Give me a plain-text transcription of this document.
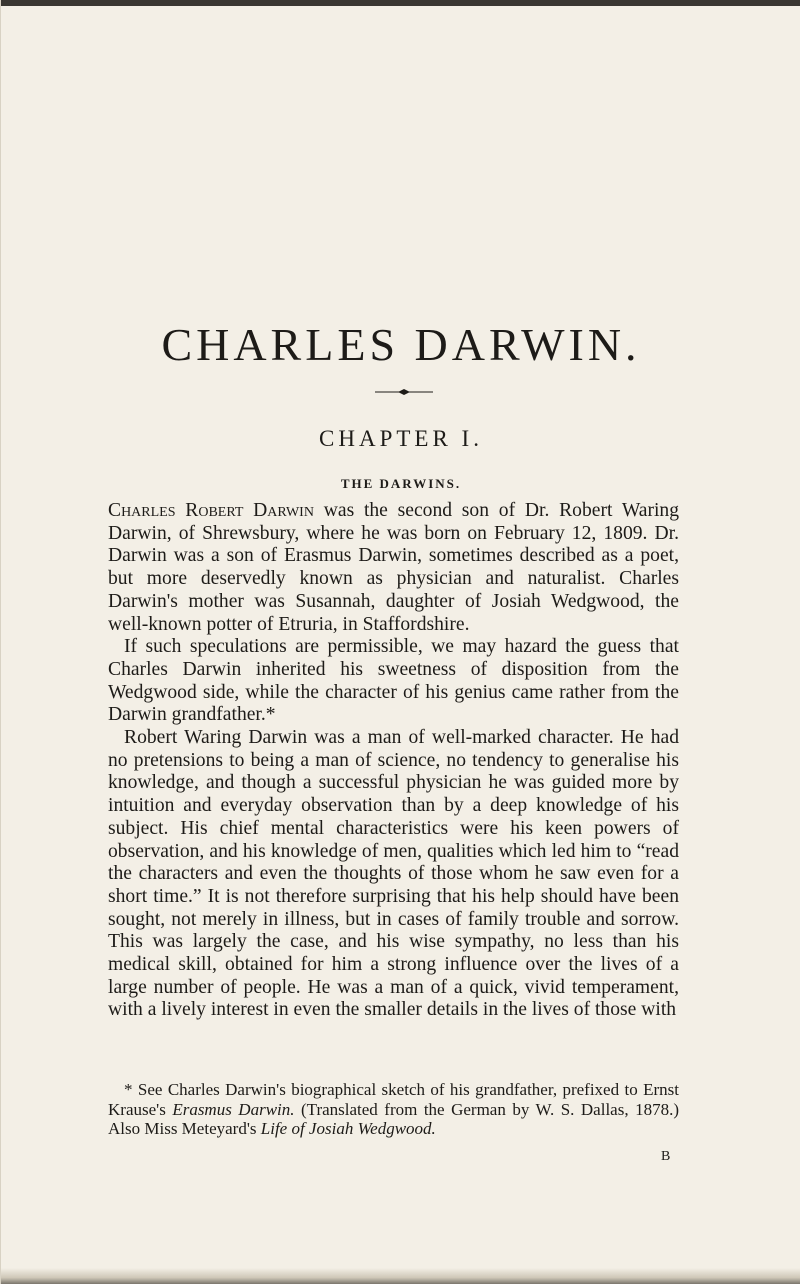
CHARLES DARWIN.
CHAPTER I.
THE DARWINS.

Charles Robert Darwin was the second son of Dr. Robert Waring Darwin, of Shrewsbury, where he was born on February 12, 1809. Dr. Darwin was a son of Erasmus Darwin, sometimes described as a poet, but more deservedly known as physician and naturalist. Charles Darwin's mother was Susannah, daughter of Josiah Wedgwood, the well-known potter of Etruria, in Staffordshire.

If such speculations are permissible, we may hazard the guess that Charles Darwin inherited his sweetness of disposition from the Wedgwood side, while the character of his genius came rather from the Darwin grandfather.*

Robert Waring Darwin was a man of well-marked character. He had no pretensions to being a man of science, no tendency to generalise his knowledge, and though a successful physician he was guided more by intuition and everyday observation than by a deep knowledge of his subject. His chief mental characteristics were his keen powers of observation, and his knowledge of men, qualities which led him to “read the characters and even the thoughts of those whom he saw even for a short time.” It is not therefore surprising that his help should have been sought, not merely in illness, but in cases of family trouble and sorrow. This was largely the case, and his wise sympathy, no less than his medical skill, obtained for him a strong influence over the lives of a large number of people. He was a man of a quick, vivid temperament, with a lively interest in even the smaller details in the lives of those with

* See Charles Darwin's biographical sketch of his grandfather, prefixed to Ernst Krause's Erasmus Darwin. (Translated from the German by W. S. Dallas, 1878.) Also Miss Meteyard's Life of Josiah Wedgwood.

B
